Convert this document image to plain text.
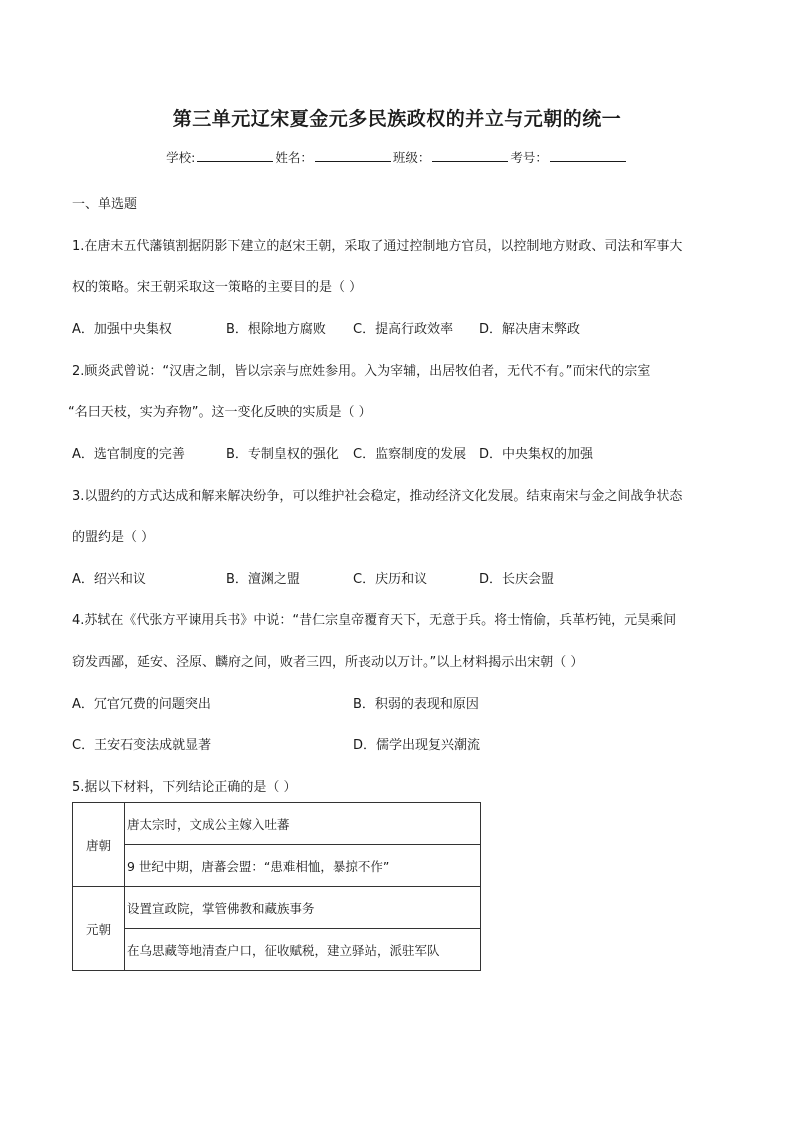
第三单元辽宋夏金元多民族政权的并立与元朝的统一
学校:	姓名：	班级：	考号：
一、单选题
1.在唐末五代藩镇割据阴影下建立的赵宋王朝，采取了通过控制地方官员，以控制地方财政、司法和军事大
权的策略。宋王朝采取这一策略的主要目的是（ ）
A．加强中央集权	B．根除地方腐败 C．提高行政效率 D．解决唐末弊政
2.顾炎武曾说：“汉唐之制，皆以宗亲与庶姓参用。入为宰辅，出居牧伯者，无代不有。”而宋代的宗室
“名曰天枝，实为弃物”。这一变化反映的实质是（ ）
A．选官制度的完善	B．专制皇权的强化 C．监察制度的发展 D．中央集权的加强
3.以盟约的方式达成和解来解决纷争，可以维护社会稳定，推动经济文化发展。结束南宋与金之间战争状态
的盟约是（ ）
A．绍兴和议	B．澶渊之盟	C．庆历和议	D．长庆会盟
4.苏轼在《代张方平谏用兵书》中说：“昔仁宗皇帝覆育天下，无意于兵。将士惰偷，兵革朽钝，元昊乘间
窃发西鄙，延安、泾原、麟府之间，败者三四，所丧动以万计。”以上材料揭示出宋朝（ ）
A．冗官冗费的问题突出	B．积弱的表现和原因
C．王安石变法成就显著	D．儒学出现复兴潮流
5.据以下材料，下列结论正确的是（ ）
唐朝	唐太宗时，文成公主嫁入吐蕃
	9 世纪中期，唐蕃会盟：“患难相恤，暴掠不作”
元朝	设置宣政院，掌管佛教和藏族事务
	在乌思藏等地清查户口，征收赋税，建立驿站，派驻军队
